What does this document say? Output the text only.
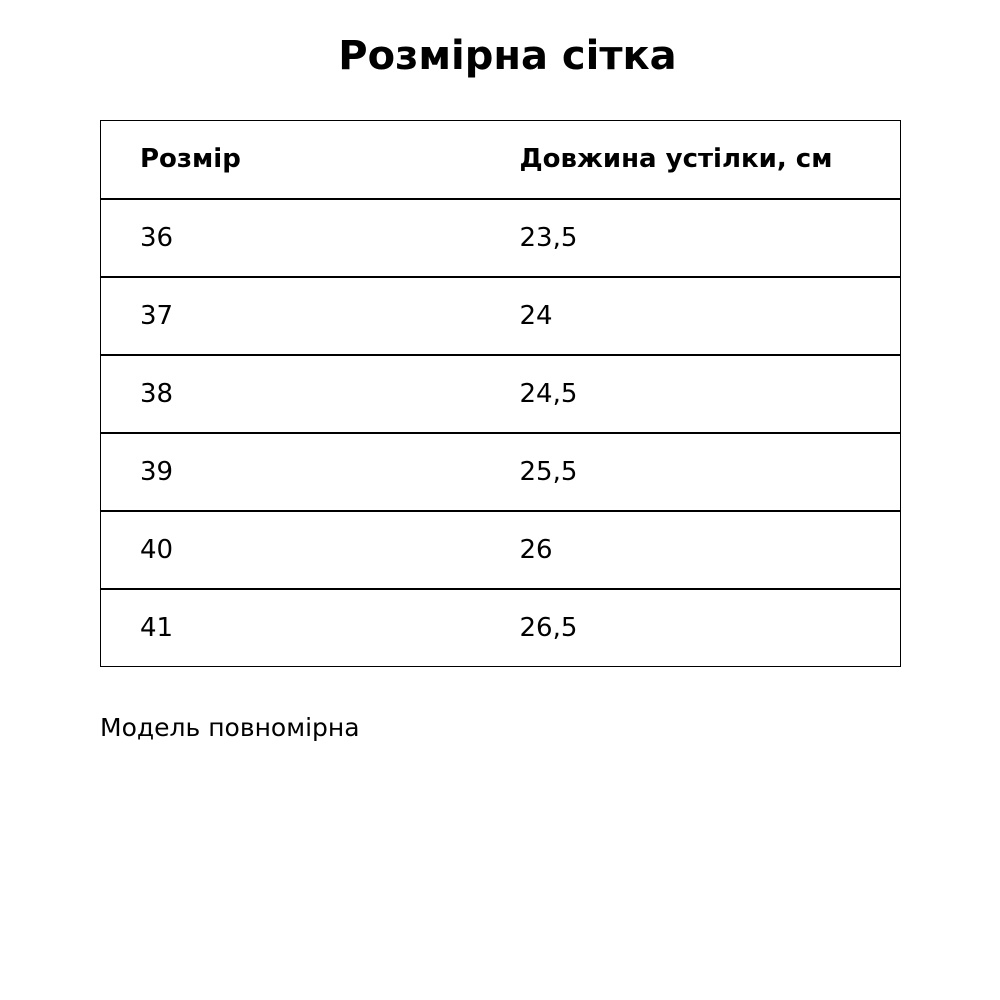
Розмірна сітка
Розмір	Довжина устілки, см
36	23,5
37	24
38	24,5
39	25,5
40	26
41	26,5

Модель повномірна
